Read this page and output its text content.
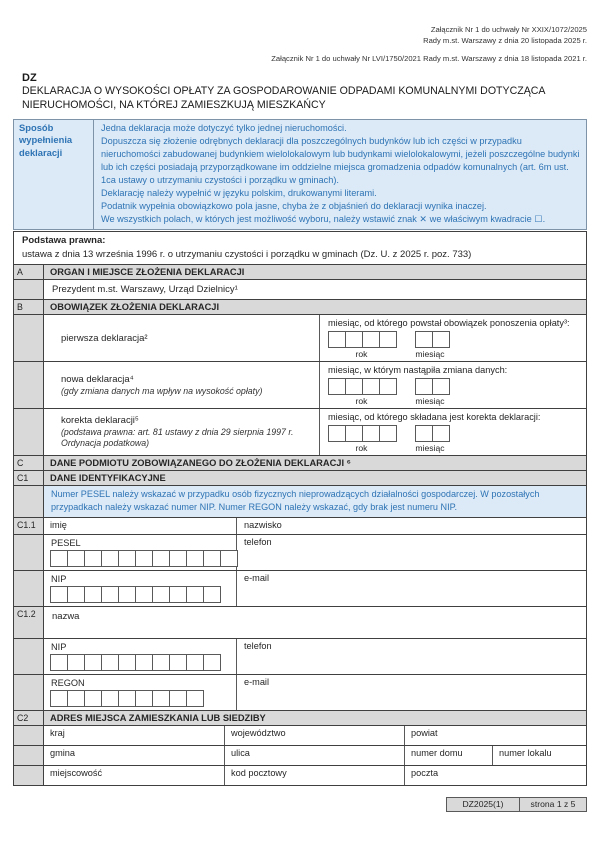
Załącznik Nr 1 do uchwały Nr XXIX/1072/2025
Rady m.st. Warszawy z dnia 20 listopada 2025 r.
Załącznik Nr 1 do uchwały Nr LVI/1750/2021 Rady m.st. Warszawy z dnia 18 listopada 2021 r.
DZ
DEKLARACJA O WYSOKOŚCI OPŁATY ZA GOSPODAROWANIE ODPADAMI KOMUNALNYMI DOTYCZĄCA NIERUCHOMOŚCI, NA KTÓREJ ZAMIESZKUJĄ MIESZKAŃCY
Sposób wypełnienia deklaracji
Jedna deklaracja może dotyczyć tylko jednej nieruchomości.
Dopuszcza się złożenie odrębnych deklaracji dla poszczególnych budynków lub ich części w przypadku nieruchomości zabudowanej budynkiem wielolokalowym lub budynkami wielolokalowymi, jeżeli poszczególne budynki lub ich części posiadają przyporządkowane im oddzielne miejsca gromadzenia odpadów komunalnych (art. 6m ust. 1ca ustawy o utrzymaniu czystości i porządku w gminach).
Deklarację należy wypełnić w języku polskim, drukowanymi literami.
Podatnik wypełnia obowiązkowo pola jasne, chyba że z objaśnień do deklaracji wynika inaczej.
We wszystkich polach, w których jest możliwość wyboru, należy wstawić znak ✕ we właściwym kwadracie ☐.
Podstawa prawna:
ustawa z dnia 13 września 1996 r. o utrzymaniu czystości i porządku w gminach (Dz. U. z 2025 r. poz. 733)
A	ORGAN I MIEJSCE ZŁOŻENIA DEKLARACJI
Prezydent m.st. Warszawy, Urząd Dzielnicy¹
B	OBOWIĄZEK ZŁOŻENIA DEKLARACJI
pierwsza deklaracja²
miesiąc, od którego powstał obowiązek ponoszenia opłaty³:
rok	miesiąc
nowa deklaracja⁴
(gdy zmiana danych ma wpływ na wysokość opłaty)
miesiąc, w którym nastąpiła zmiana danych:
rok	miesiąc
korekta deklaracji⁵
(podstawa prawna: art. 81 ustawy z dnia 29 sierpnia 1997 r. Ordynacja podatkowa)
miesiąc, od którego składana jest korekta deklaracji:
rok	miesiąc
C	DANE PODMIOTU ZOBOWIĄZANEGO DO ZŁOŻENIA DEKLARACJI ⁶
C1	DANE IDENTYFIKACYJNE
Numer PESEL należy wskazać w przypadku osób fizycznych nieprowadzących działalności gospodarczej. W pozostałych przypadkach należy wskazać numer NIP. Numer REGON należy wskazać, gdy brak jest numeru NIP.
C1.1	imię	nazwisko
PESEL	telefon
NIP	e-mail
C1.2	nazwa
NIP	telefon
REGON	e-mail
C2	ADRES MIEJSCA ZAMIESZKANIA LUB SIEDZIBY
kraj	województwo	powiat
gmina	ulica	numer domu	numer lokalu
miejscowość	kod pocztowy	poczta
DZ2025(1)	strona 1 z 5
